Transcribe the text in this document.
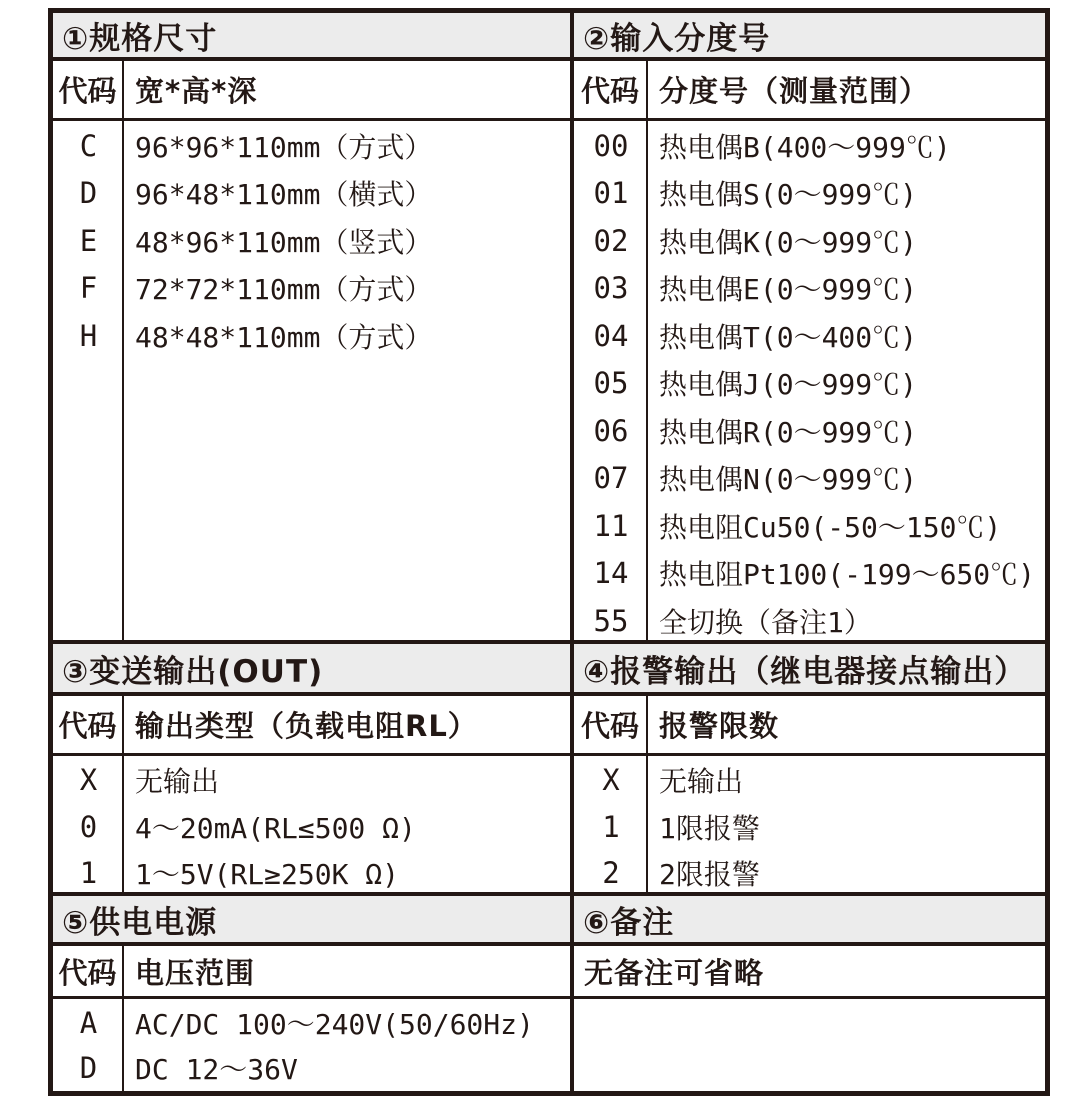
①规格尺寸	②输入分度号
代码 宽*高*深	代码 分度号（测量范围）
C	96*96*110mm（方式）
D	96*48*110mm（横式）
E	48*96*110mm（竖式）
F	72*72*110mm（方式）
H	48*48*110mm（方式）
00	热电偶B(400～999℃)
01	热电偶S(0～999℃)
02	热电偶K(0～999℃)
03	热电偶E(0～999℃)
04	热电偶T(0～400℃)
05	热电偶J(0～999℃)
06	热电偶R(0～999℃)
07	热电偶N(0～999℃)
11	热电阻Cu50(-50～150℃)
14	热电阻Pt100(-199～650℃)
55	全切换（备注1）
③变送输出(OUT)	④报警输出（继电器接点输出）
代码 输出类型（负载电阻RL）	代码 报警限数
X	无输出
0	4～20mA(RL≤500 Ω)
1	1～5V(RL≥250K Ω)
X	无输出
1	1限报警
2	2限报警
⑤供电电源	⑥备注
代码 电压范围	无备注可省略
A	AC/DC 100～240V(50/60Hz)
D	DC 12～36V
